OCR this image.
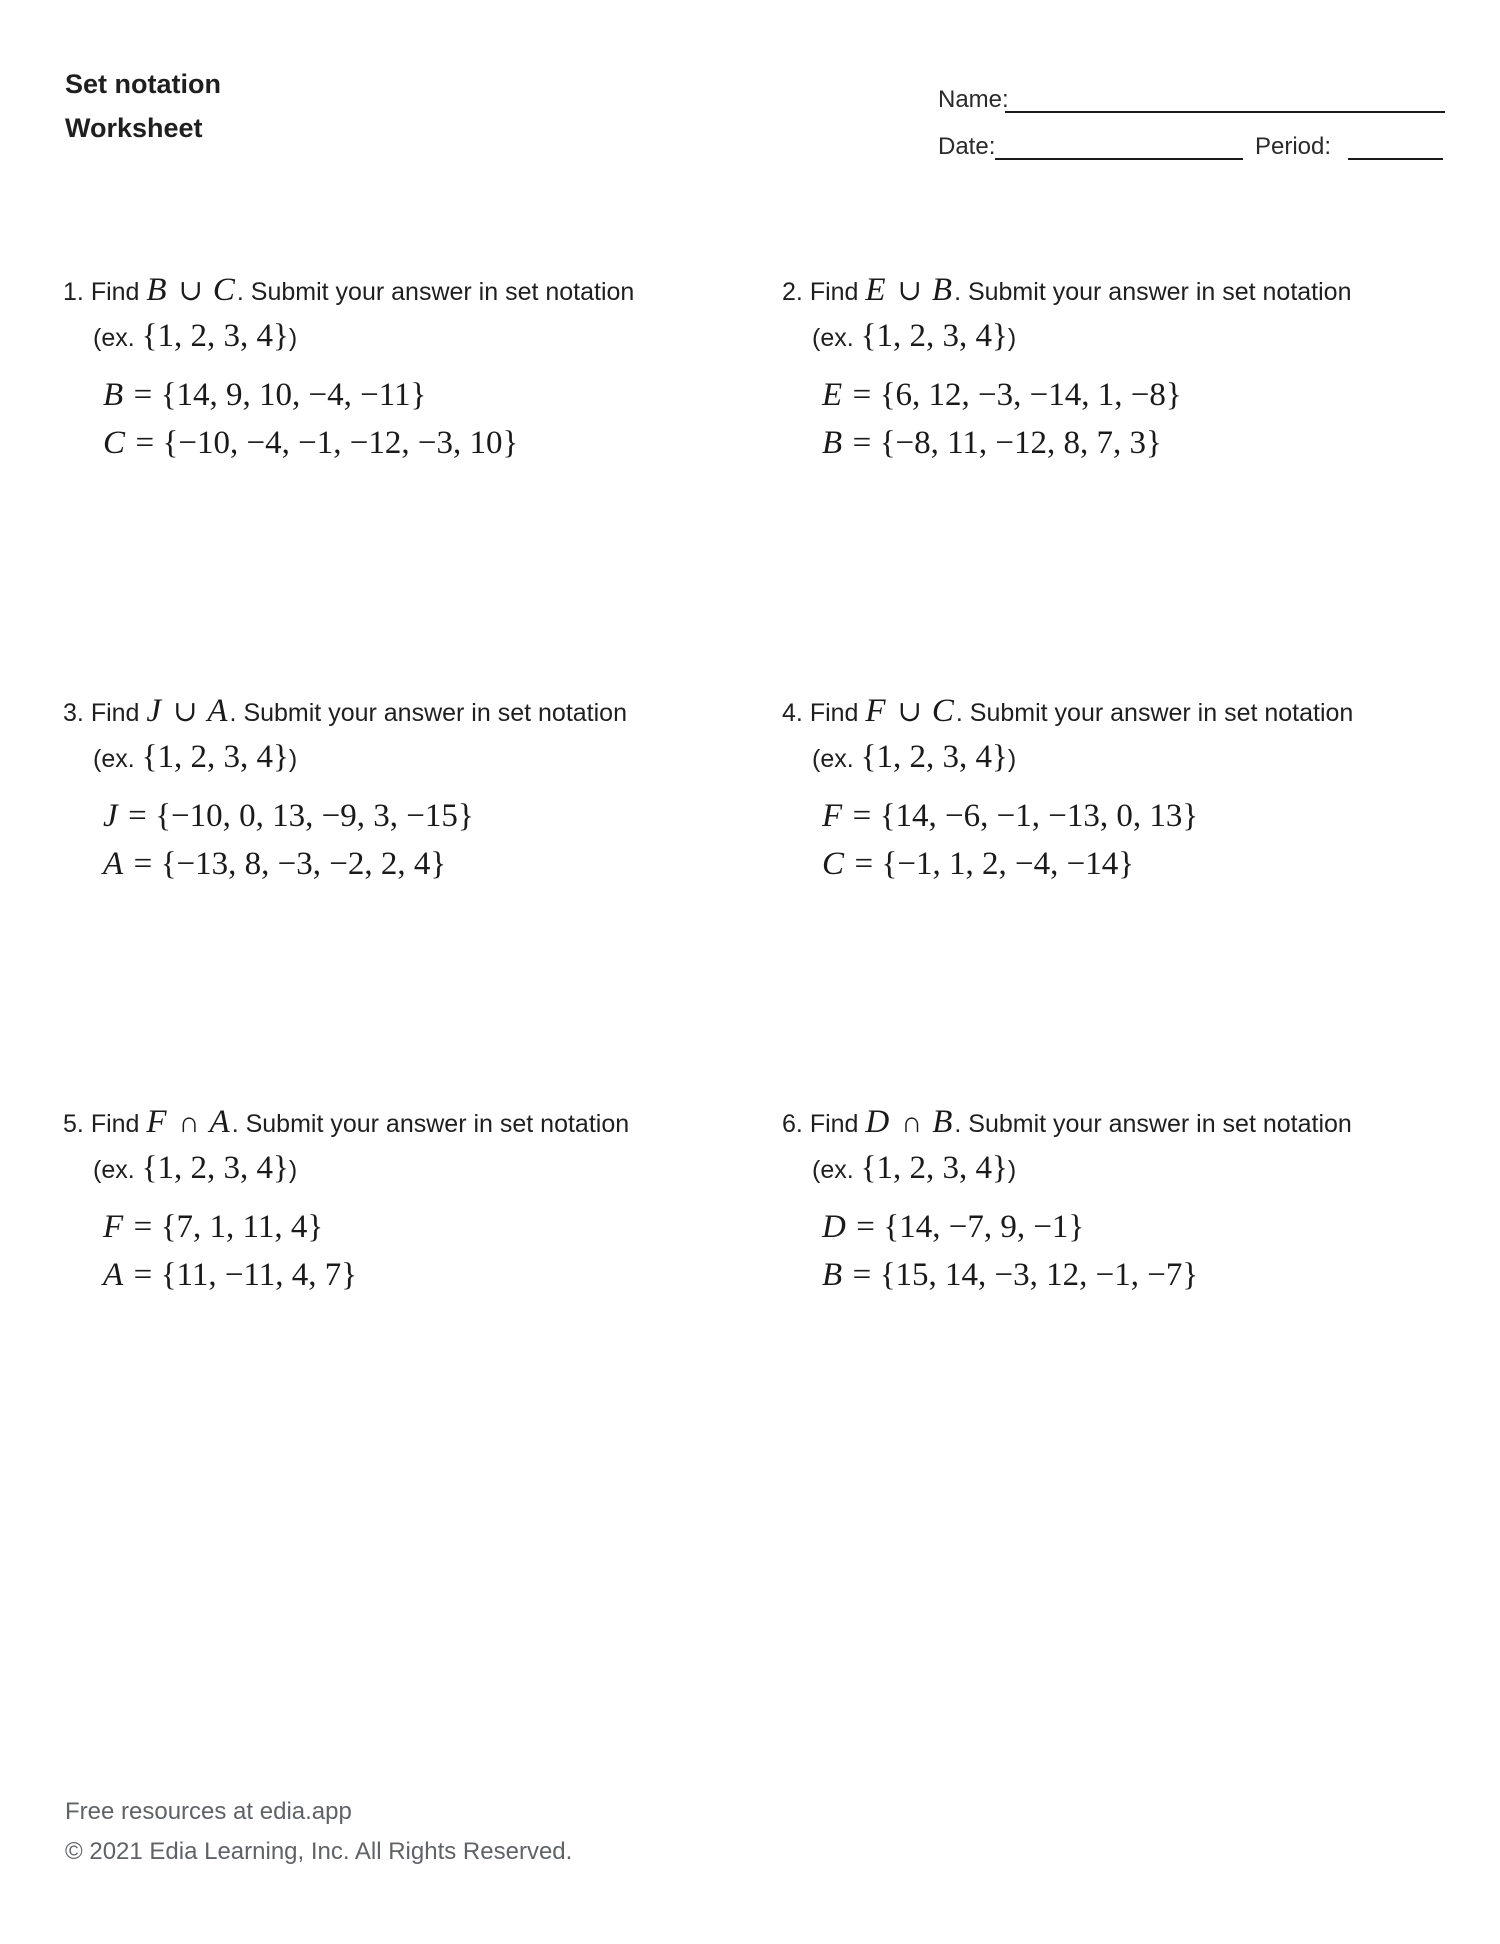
Set notation
Worksheet
Name:
Date:	Period:
1. Find B ∪ C. Submit your answer in set notation
(ex. {1, 2, 3, 4})
B = {14, 9, 10, −4, −11}
C = {−10, −4, −1, −12, −3, 10}
2. Find E ∪ B. Submit your answer in set notation
(ex. {1, 2, 3, 4})
E = {6, 12, −3, −14, 1, −8}
B = {−8, 11, −12, 8, 7, 3}
3. Find J ∪ A. Submit your answer in set notation
(ex. {1, 2, 3, 4})
J = {−10, 0, 13, −9, 3, −15}
A = {−13, 8, −3, −2, 2, 4}
4. Find F ∪ C. Submit your answer in set notation
(ex. {1, 2, 3, 4})
F = {14, −6, −1, −13, 0, 13}
C = {−1, 1, 2, −4, −14}
5. Find F ∩ A. Submit your answer in set notation
(ex. {1, 2, 3, 4})
F = {7, 1, 11, 4}
A = {11, −11, 4, 7}
6. Find D ∩ B. Submit your answer in set notation
(ex. {1, 2, 3, 4})
D = {14, −7, 9, −1}
B = {15, 14, −3, 12, −1, −7}
Free resources at edia.app
© 2021 Edia Learning, Inc. All Rights Reserved.
